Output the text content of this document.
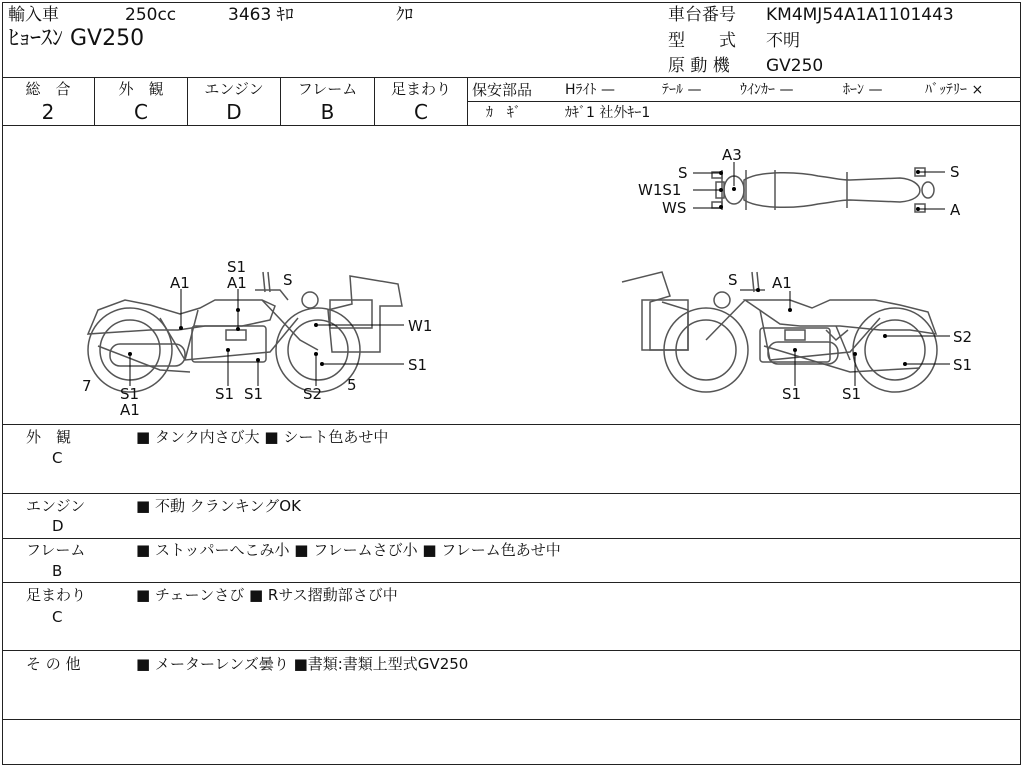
輸入車	250cc	3463 ｷﾛ	ｸﾛ
ﾋｮｰｽﾝ GV250
車台番号 KM4MJ54A1A1101443
型　　式 不明
原 動 機 GV250
総　合
2
外　観
C
エンジン
D
フレーム
B
足まわり
C
保安部品 Hﾗｲﾄ —	ﾃｰﾙ —	ｳｲﾝｶｰ —	ﾎｰﾝ —	ﾊﾞｯﾃﾘｰ ×
ｶ　ｷﾞ	ｶｷﾞ1 社外ｷｰ1
A3
S
W1S1
WS
S
A
S1
A1 S
A1
W1
S1
7 S1
A1
S1 S1	S2 5
S A1
S2
S1
S1	S1
外　観
C
■ タンク内さび大 ■ シート色あせ中
エンジン
D
■ 不動 クランキングOK
フレーム
B
■ ストッパーへこみ小 ■ フレームさび小 ■ フレーム色あせ中
足まわり
C
■ チェーンさび ■ Rサス摺動部さび中
そ の 他	■ メーターレンズ曇り ■書類:書類上型式GV250
